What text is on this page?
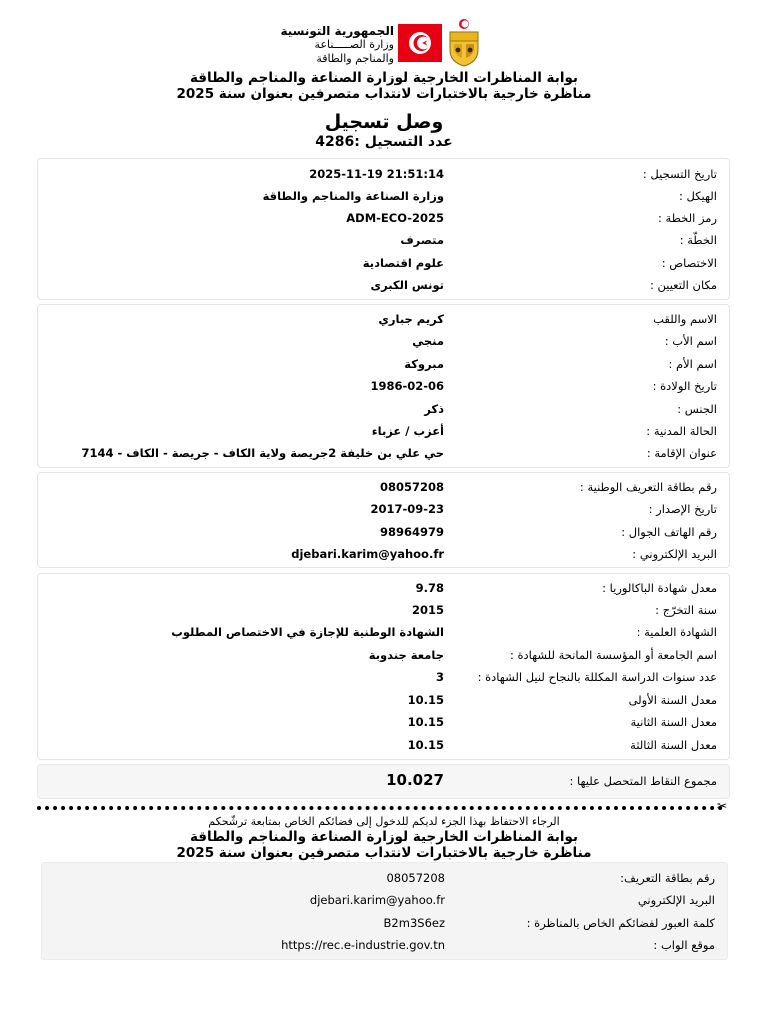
الجمهورية التونسية
وزارة الصـــــناعة
والمناجم والطاقة
بوابة المناظرات الخارجية لوزارة الصناعة والمناجم والطاقة
مناظرة خارجية بالاختبارات لانتداب متصرفين بعنوان سنة 2025
وصل تسجيل
عدد التسجيل :4286
تاريخ التسجيل :
2025-11-19 21:51:14
الهيكل :
وزارة الصناعة والمناجم والطاقة
رمز الخطة :
ADM-ECO-2025
الخطّة :
متصرف
الاختصاص :
علوم اقتصادية
مكان التعيين :
تونس الكبرى
الاسم واللقب
كريم جباري
اسم الأب :
منجي
اسم الأم :
مبروكة
تاريخ الولادة :
1986-02-06
الجنس :
ذكر
الحالة المدنية :
أعزب / عزباء
عنوان الإقامة :
حي علي بن خليفة 2جريصة ولاية الكاف - جريصة - الكاف - 7144
رقم بطاقة التعريف الوطنية :
08057208
تاريخ الإصدار :
2017-09-23
رقم الهاتف الجوال :
98964979
البريد الإلكتروني :
djebari.karim@yahoo.fr
معدل شهادة الباكالوريا :
9.78
سنة التخرّج :
2015
الشهادة العلمية :
الشهادة الوطنية للإجازة في الاختصاص المطلوب
اسم الجامعة أو المؤسسة المانحة للشهادة :
جامعة جندوبة
عدد سنوات الدراسة المكللة بالنجاح لنيل الشهادة :
3
معدل السنة الأولى
10.15
معدل السنة الثانية
10.15
معدل السنة الثالثة
10.15
مجموع النقاط المتحصل عليها :
10.027
✂
الرجاء الاحتفاظ بهذا الجزء لديكم للدخول إلى فضائكم الخاص بمتابعة ترشّحكم
بوابة المناظرات الخارجية لوزارة الصناعة والمناجم والطاقة
مناظرة خارجية بالاختبارات لانتداب متصرفين بعنوان سنة 2025
رقم بطاقة التعريف:
08057208
البريد الإلكتروني
djebari.karim@yahoo.fr
كلمة العبور لفضائكم الخاص بالمناظرة :
B2m3S6ez
موقع الواب :
https://rec.e-industrie.gov.tn
